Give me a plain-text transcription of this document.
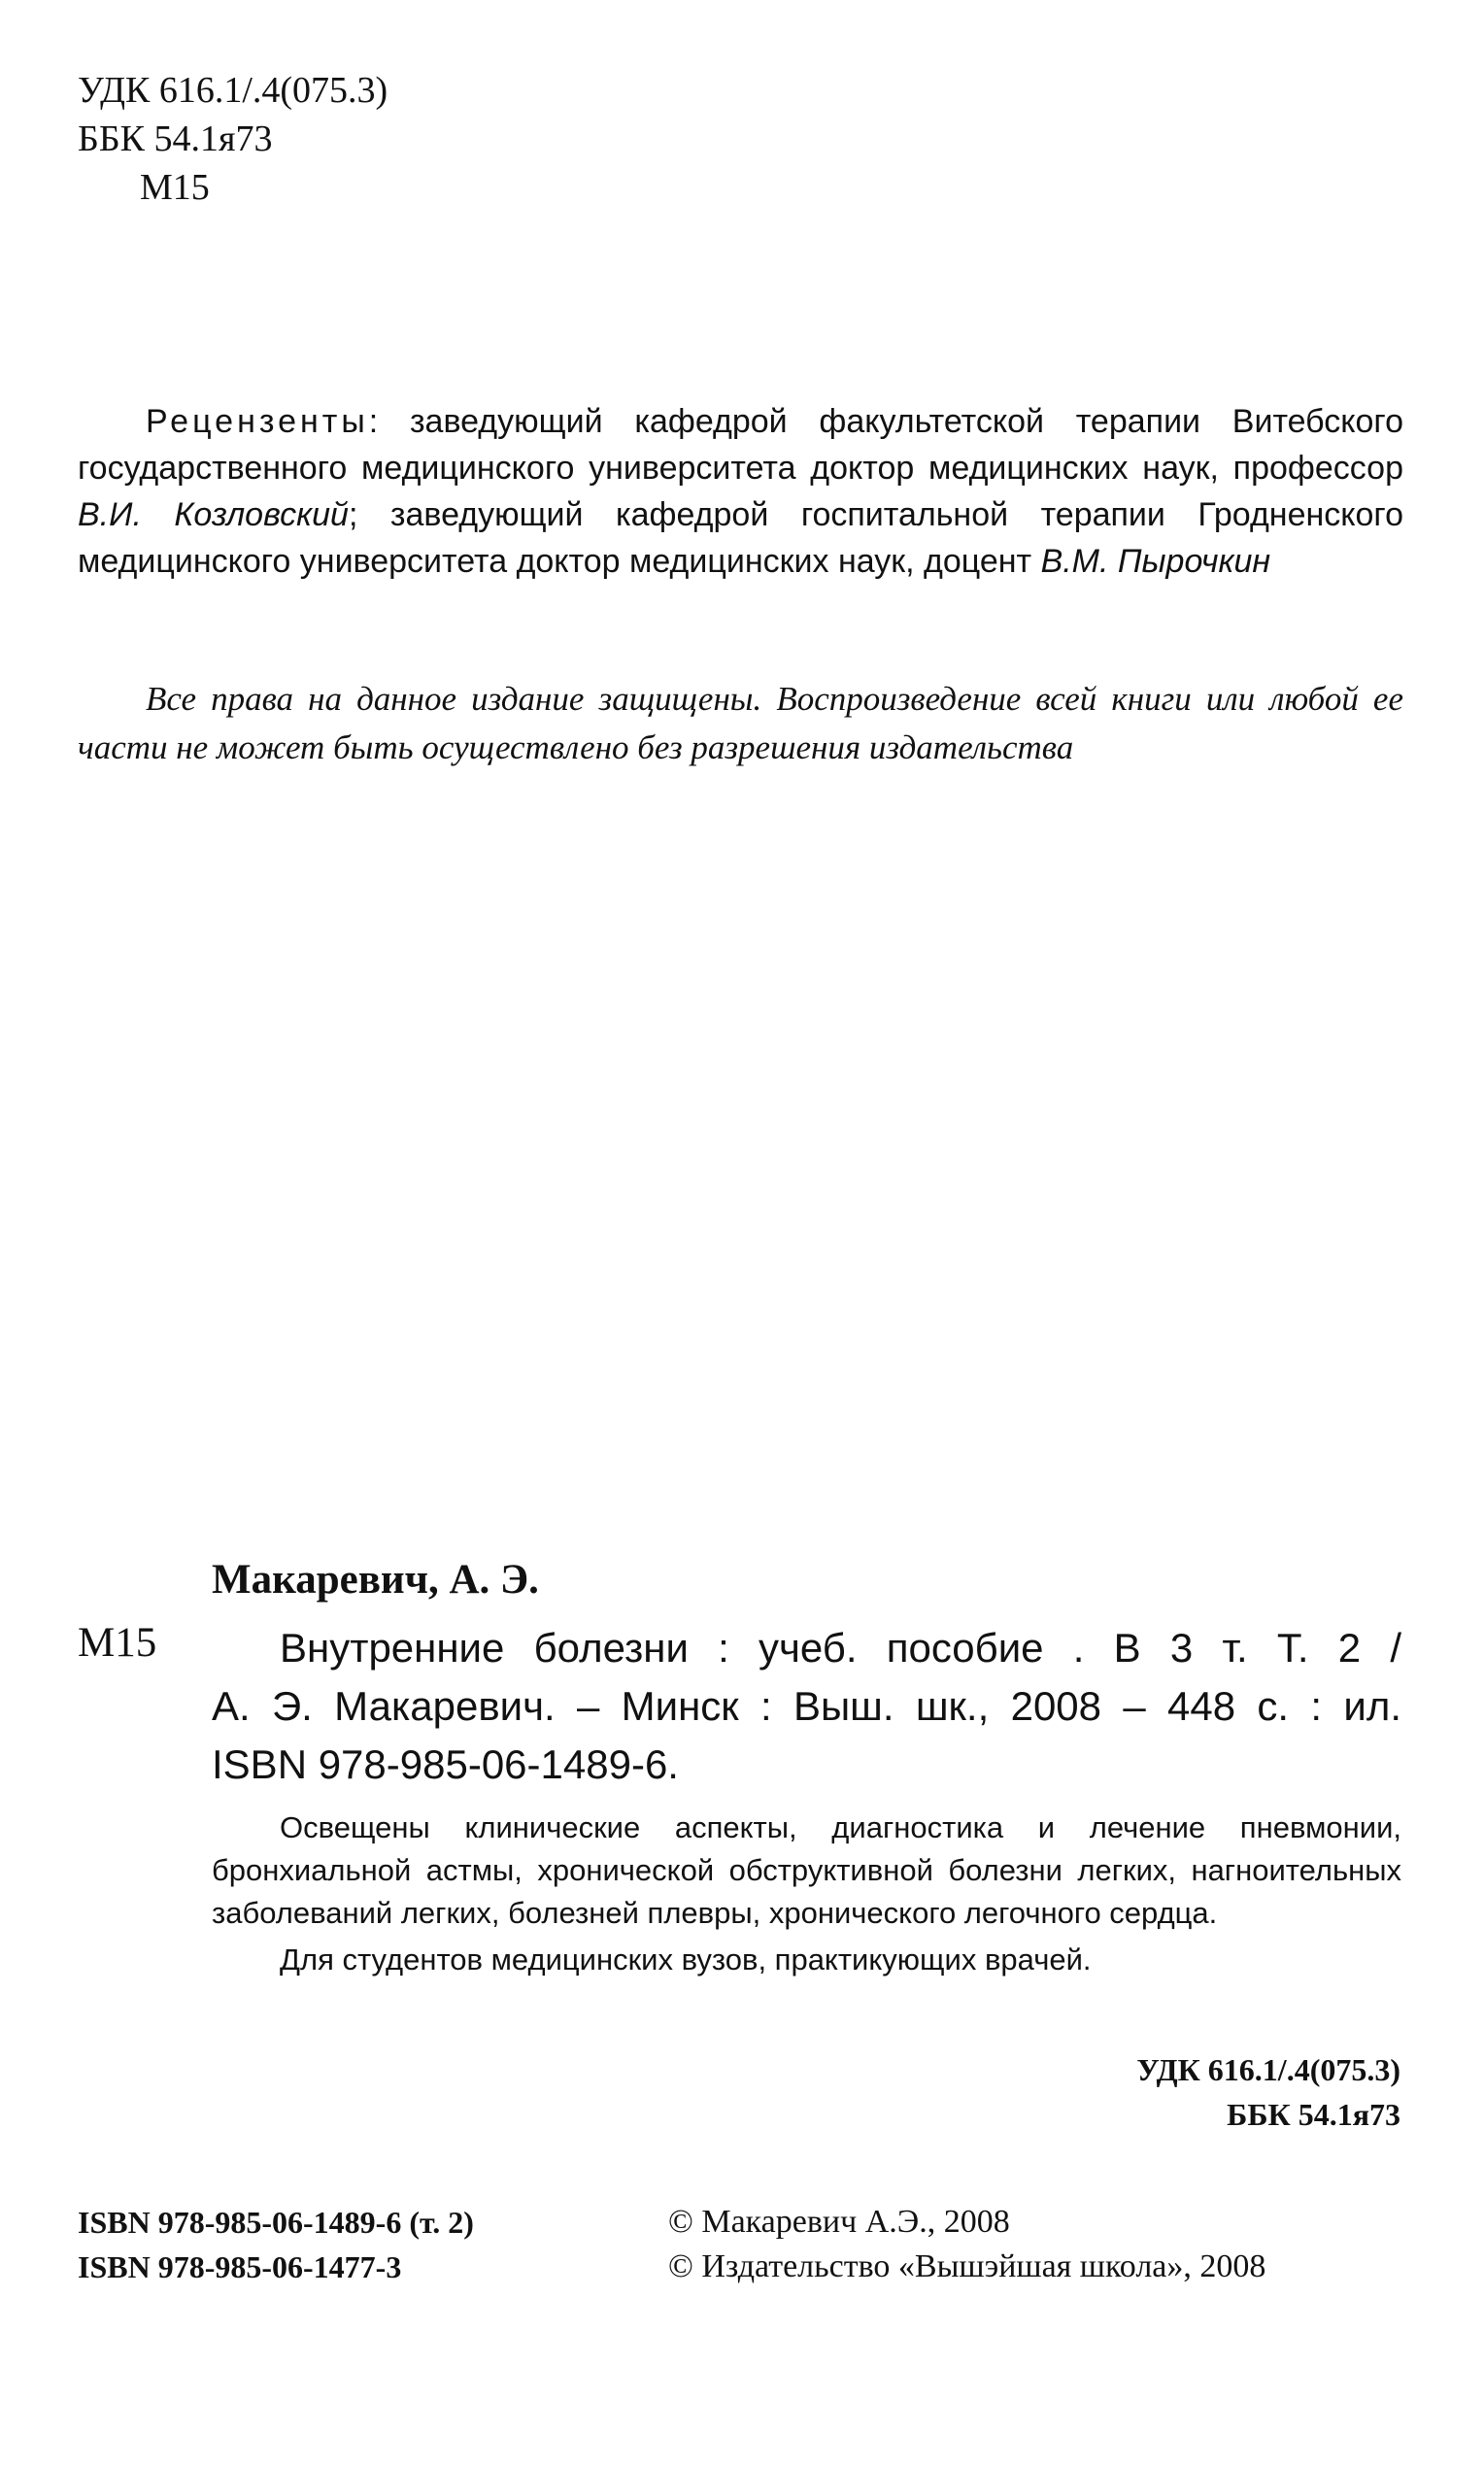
УДК 616.1/.4(075.3)
ББК 54.1я73
М15

Рецензенты: заведующий кафедрой факультетской терапии Витебского государственного медицинского университета доктор медицинских наук, профессор В.И. Козловский; заведующий кафедрой госпитальной терапии Гродненского медицинского университета доктор медицинских наук, доцент В.М. Пырочкин

Все права на данное издание защищены. Воспроизведение всей книги или любой ее части не может быть осуществлено без разрешения издательства

Макаревич, А. Э.
М15	Внутренние болезни : учеб. пособие . В 3 т. Т. 2 /
А. Э. Макаревич. – Минск : Выш. шк., 2008 – 448 с. : ил.
ISBN 978-985-06-1489-6.

Освещены клинические аспекты, диагностика и лечение пневмонии, бронхиальной астмы, хронической обструктивной болезни легких, нагноительных заболеваний легких, болезней плевры, хронического легочного сердца.

Для студентов медицинских вузов, практикующих врачей.

УДК 616.1/.4(075.3)
ББК 54.1я73
ISBN 978-985-06-1489-6 (т. 2)
ISBN 978-985-06-1477-3
© Макаревич А.Э., 2008
© Издательство «Вышэйшая школа», 2008
